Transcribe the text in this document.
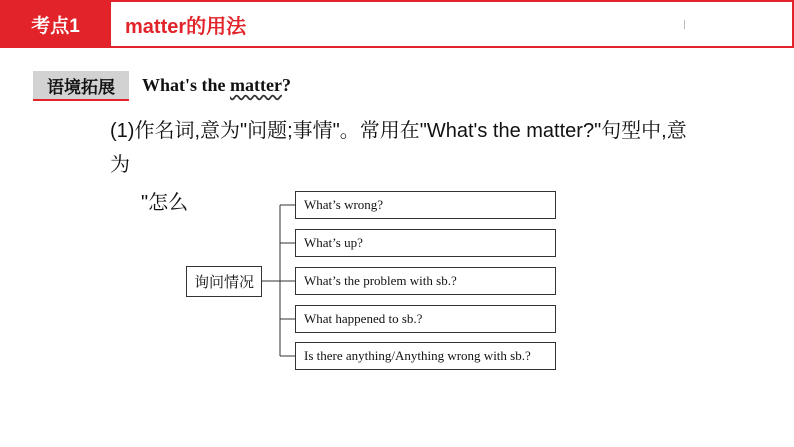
考点1	matter的用法
语境拓展	What's the matter?
(1)作名词,意为"问题;事情"。常用在"What's the matter?"句型中,意为
"怎么
询问情况
What’s wrong?
What’s up?
What’s the problem with sb.?
What happened to sb.?
Is there anything/Anything wrong with sb.?
